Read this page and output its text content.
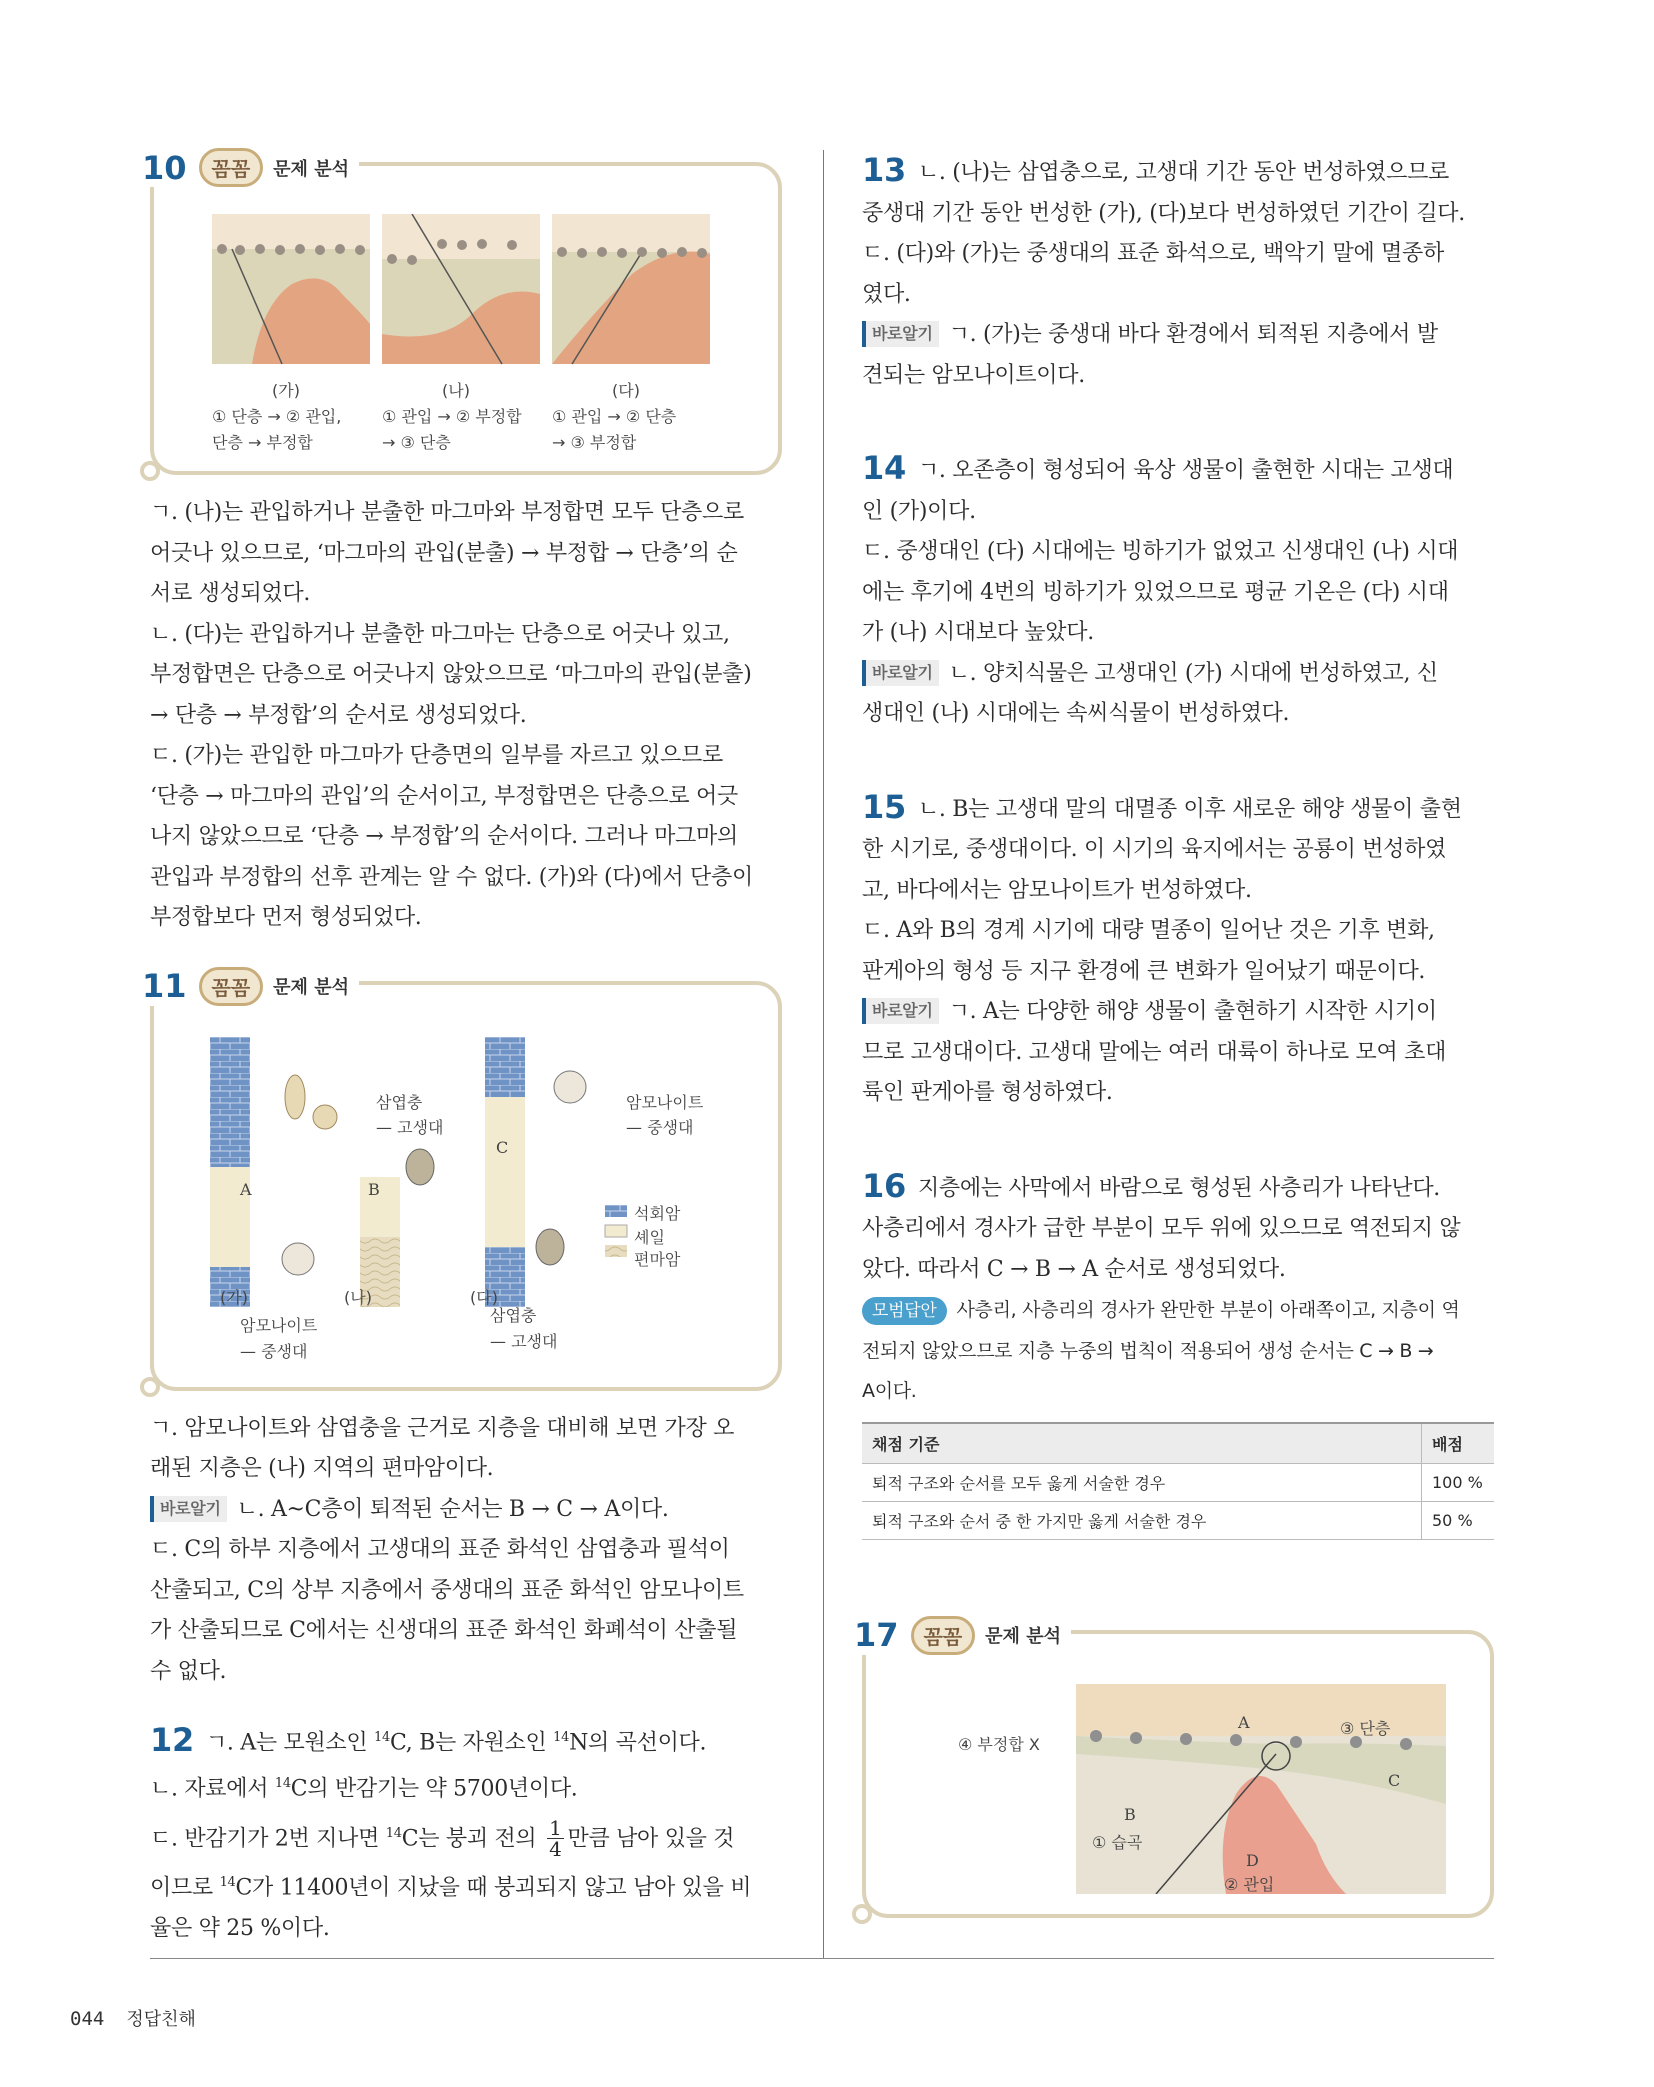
10	꼼꼼	문제 분석
(가)	(나)	(다)
① 단층 → ② 관입,
단층 → 부정합
① 관입 → ② 부정합
→ ③ 단층
① 관입 → ② 단층
→ ③ 부정합

ㄱ. (나)는 관입하거나 분출한 마그마와 부정합면 모두 단층으로

어긋나 있으므로, ‘마그마의 관입(분출) → 부정합 → 단층’의 순

서로 생성되었다.

ㄴ. (다)는 관입하거나 분출한 마그마는 단층으로 어긋나 있고,

부정합면은 단층으로 어긋나지 않았으므로 ‘마그마의 관입(분출)

→ 단층 → 부정합’의 순서로 생성되었다.

ㄷ. (가)는 관입한 마그마가 단층면의 일부를 자르고 있으므로

‘단층 → 마그마의 관입’의 순서이고, 부정합면은 단층으로 어긋

나지 않았으므로 ‘단층 → 부정합’의 순서이다. 그러나 마그마의

관입과 부정합의 선후 관계는 알 수 없다. (가)와 (다)에서 단층이

부정합보다 먼저 형성되었다.

11	꼼꼼	문제 분석
삼엽충
— 고생대
암모나이트
— 중생대
A	B
C
석회암
셰일
편마암
(가)	(나)	(다)
암모나이트
— 중생대
삼엽충
— 고생대

ㄱ. 암모나이트와 삼엽충을 근거로 지층을 대비해 보면 가장 오

래된 지층은 (나) 지역의 편마암이다.

바로알기 ㄴ. A~C층이 퇴적된 순서는 B → C → A이다.

ㄷ. C의 하부 지층에서 고생대의 표준 화석인 삼엽충과 필석이

산출되고, C의 상부 지층에서 중생대의 표준 화석인 암모나이트

가 산출되므로 C에서는 신생대의 표준 화석인 화폐석이 산출될

수 없다.

12 ㄱ. A는 모원소인 $^{14}$C, B는 자원소인 $^{14}$N의 곡선이다.

ㄴ. 자료에서 $^{14}$C의 반감기는 약 5700년이다.

ㄷ. 반감기가 2번 지나면 $^{14}$C는 붕괴 전의 $\frac{1}{4}$ 만큼 남아 있을 것

이므로 $^{14}$C가 11400년이 지났을 때 붕괴되지 않고 남아 있을 비

율은 약 25 %이다.

13 ㄴ. (나)는 삼엽충으로, 고생대 기간 동안 번성하였으므로

중생대 기간 동안 번성한 (가), (다)보다 번성하였던 기간이 길다.

ㄷ. (다)와 (가)는 중생대의 표준 화석으로, 백악기 말에 멸종하

였다.

바로알기 ㄱ. (가)는 중생대 바다 환경에서 퇴적된 지층에서 발

견되는 암모나이트이다.

14 ㄱ. 오존층이 형성되어 육상 생물이 출현한 시대는 고생대

인 (가)이다.

ㄷ. 중생대인 (다) 시대에는 빙하기가 없었고 신생대인 (나) 시대

에는 후기에 4번의 빙하기가 있었으므로 평균 기온은 (다) 시대

가 (나) 시대보다 높았다.

바로알기 ㄴ. 양치식물은 고생대인 (가) 시대에 번성하였고, 신

생대인 (나) 시대에는 속씨식물이 번성하였다.

15 ㄴ. B는 고생대 말의 대멸종 이후 새로운 해양 생물이 출현

한 시기로, 중생대이다. 이 시기의 육지에서는 공룡이 번성하였

고, 바다에서는 암모나이트가 번성하였다.

ㄷ. A와 B의 경계 시기에 대량 멸종이 일어난 것은 기후 변화,

판게아의 형성 등 지구 환경에 큰 변화가 일어났기 때문이다.

바로알기 ㄱ. A는 다양한 해양 생물이 출현하기 시작한 시기이

므로 고생대이다. 고생대 말에는 여러 대륙이 하나로 모여 초대

륙인 판게아를 형성하였다.

16 지층에는 사막에서 바람으로 형성된 사층리가 나타난다.

사층리에서 경사가 급한 부분이 모두 위에 있으므로 역전되지 않

았다. 따라서 C → B → A 순서로 생성되었다.

모범답안 사층리, 사층리의 경사가 완만한 부분이 아래쪽이고, 지층이 역

전되지 않았으므로 지층 누중의 법칙이 적용되어 생성 순서는 C → B →

A이다.

채점 기준	배점
퇴적 구조와 순서를 모두 옳게 서술한 경우	100 %
퇴적 구조와 순서 중 한 가지만 옳게 서술한 경우	50 %
17	꼼꼼	문제 분석
④ 부정합 X
A	③ 단층
B
C
① 습곡
D
② 관입
044 정답친해
